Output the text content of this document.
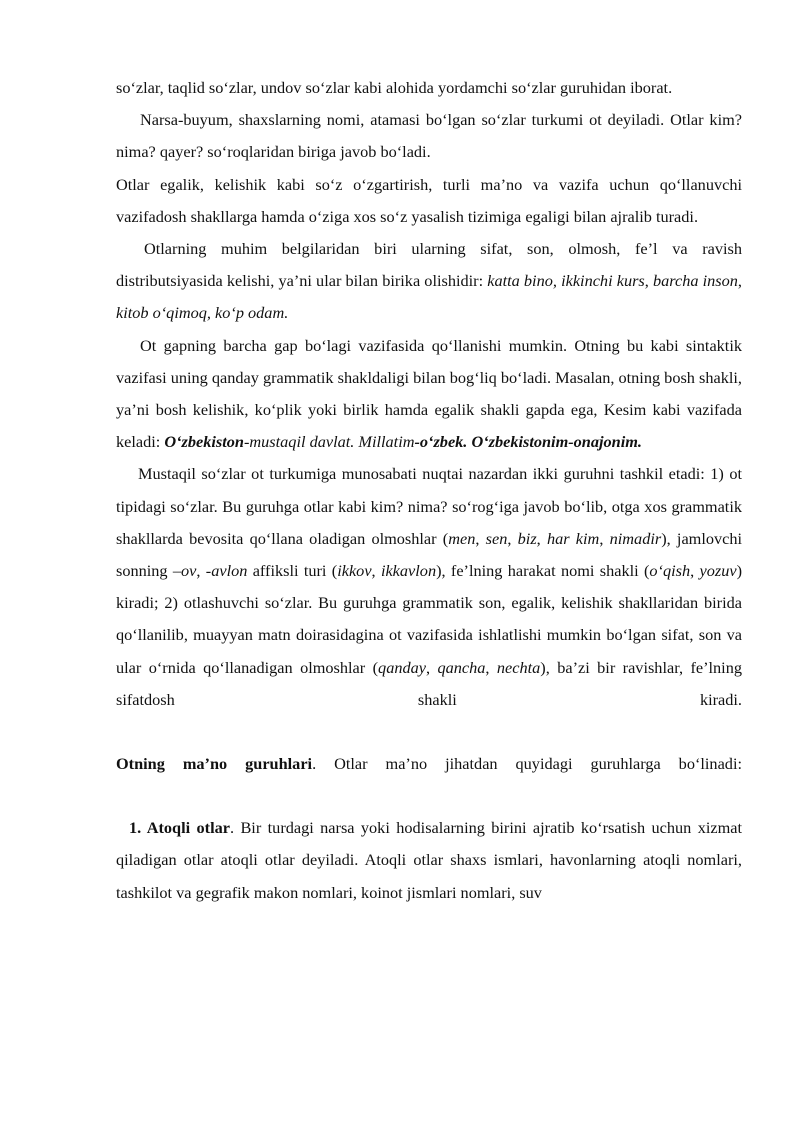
so‘zlar, taqlid so‘zlar, undov so‘zlar kabi alohida yordamchi so‘zlar guruhidan iborat.

Narsa-buyum, shaxslarning nomi, atamasi bo‘lgan so‘zlar turkumi ot deyiladi. Otlar kim? nima? qayer? so‘roqlaridan biriga javob bo‘ladi.

Otlar egalik, kelishik kabi so‘z o‘zgartirish, turli ma’no va vazifa uchun qo‘llanuvchi vazifadosh shakllarga hamda o‘ziga xos so‘z yasalish tizimiga egaligi bilan ajralib turadi.

Otlarning muhim belgilaridan biri ularning sifat, son, olmosh, fe’l va ravish distributsiyasida kelishi, ya’ni ular bilan birika olishidir: katta bino, ikkinchi kurs, barcha inson, kitob o‘qimoq, ko‘p odam.

Ot gapning barcha gap bo‘lagi vazifasida qo‘llanishi mumkin. Otning bu kabi sintaktik vazifasi uning qanday grammatik shakldaligi bilan bog‘liq bo‘ladi. Masalan, otning bosh shakli, ya’ni bosh kelishik, ko‘plik yoki birlik hamda egalik shakli gapda ega, Kesim kabi vazifada keladi: O‘zbekiston-mustaqil davlat. Millatim-o‘zbek. O‘zbekistonim-onajonim.

Mustaqil so‘zlar ot turkumiga munosabati nuqtai nazardan ikki guruhni tashkil etadi: 1) ot tipidagi so‘zlar. Bu guruhga otlar kabi kim? nima? so‘rog‘iga javob bo‘lib, otga xos grammatik shakllarda bevosita qo‘llana oladigan olmoshlar (men, sen, biz, har kim, nimadir), jamlovchi sonning –ov, -avlon affiksli turi (ikkov, ikkavlon), fe’lning harakat nomi shakli (o‘qish, yozuv) kiradi; 2) otlashuvchi so‘zlar. Bu guruhga grammatik son, egalik, kelishik shakllaridan birida qo‘llanilib, muayyan matn doirasidagina ot vazifasida ishlatlishi mumkin bo‘lgan sifat, son va ular o‘rnida qo‘llanadigan olmoshlar (qanday, qancha, nechta), ba’zi bir ravishlar, fe’lning sifatdosh shakli kiradi.

Otning ma’no guruhlari. Otlar ma’no jihatdan quyidagi guruhlarga bo‘linadi:

1. Atoqli otlar. Bir turdagi narsa yoki hodisalarning birini ajratib ko‘rsatish uchun xizmat qiladigan otlar atoqli otlar deyiladi. Atoqli otlar shaxs ismlari, havonlarning atoqli nomlari, tashkilot va gegrafik makon nomlari, koinot jismlari nomlari, suv
